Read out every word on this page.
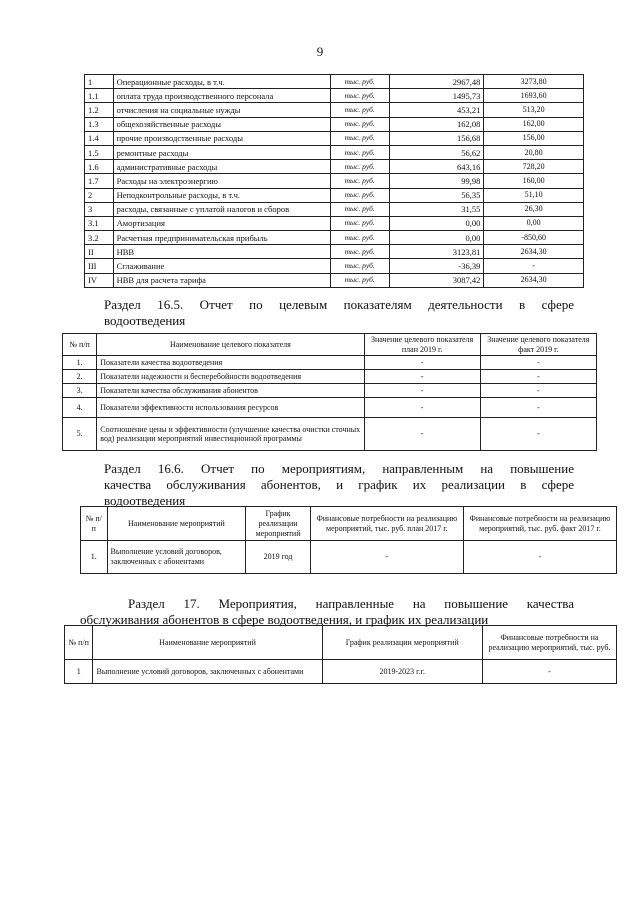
9
1	Операционные расходы, в т.ч.	тыс. руб.	2967,48	3273,80
1.1	оплата труда производственного персонала	тыс. руб.	1495,73	1693,60
1.2	отчисления на социальные нужды	тыс. руб.	453,21	513,20
1.3	общехозяйственные расходы	тыс. руб.	162,08	162,00
1.4	прочие производственные расходы	тыс. руб.	156,68	156,00
1.5	ремонтные расходы	тыс. руб.	56,62	20,80
1.6	административные расходы	тыс. руб.	643,16	728,20
1.7	Расходы на электроэнергию	тыс. руб.	99,98	160,00
2	Неподконтрольные расходы, в т.ч.	тыс. руб.	56,35	51,10
3	расходы, связанные с уплатой налогов и сборов	тыс. руб.	31,55	26,30
3.1	Амортизация	тыс. руб.	0,00	0,00
3.2	Расчетная предпринимательская прибыль	тыс. руб.	0,00	-850,60
II	НВВ	тыс. руб.	3123,81	2634,30
III	Сглаживание	тыс. руб.	-36,39	-
IV	НВВ для расчета тарифа	тыс. руб.	3087,42	2634,30
Раздел 16.5. Отчет по целевым показателям деятельности в сфере
водоотведения
№ п/п	Наименование целевого показателя	Значение целевого показателя план 2019 г.	Значение целевого показателя факт 2019 г.
1.	Показатели качества водоотведения	-	-
2.	Показатели надежности и бесперебойности водоотведения	-	-
3.	Показатели качества обслуживания абонентов	-	-
4.	Показатели эффективности использования ресурсов	-	-
5.	Соотношение цены и эффективности (улучшение качества очистки сточных вод) реализации мероприятий инвестиционной программы	-	-
Раздел 16.6. Отчет по мероприятиям, направленным на повышение
качества обслуживания абонентов, и график их реализации в сфере
водоотведения
№ п/п	Наименование мероприятий	График реализации мероприятий	Финансовые потребности на реализацию мероприятий, тыс. руб. план 2017 г.	Финансовые потребности на реализацию мероприятий, тыс. руб. факт 2017 г.
1.	Выполнение условий договоров, заключенных с абонентами	2019 год	-	-
Раздел 17. Мероприятия, направленные на повышение качества
обслуживания абонентов в сфере водоотведения, и график их реализации
№ п/п	Наименование мероприятий	График реализации мероприятий	Финансовые потребности на реализацию мероприятий, тыс. руб.
1	Выполнение условий договоров, заключенных с абонентами	2019-2023 г.г.	-
